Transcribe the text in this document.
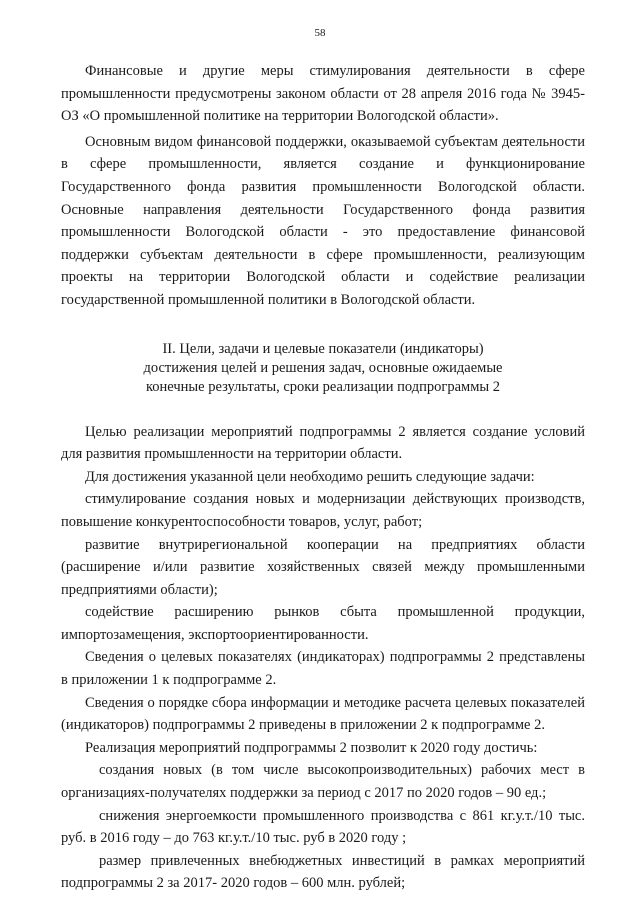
58

Финансовые и другие меры стимулирования деятельности в сфере промышленности предусмотрены законом области от 28 апреля 2016 года № 3945-ОЗ «О промышленной политике на территории Вологодской области».

Основным видом финансовой поддержки, оказываемой субъектам деятельности в сфере промышленности, является создание и функционирование Государственного фонда развития промышленности Вологодской области. Основные направления деятельности Государственного фонда развития промышленности Вологодской области - это предоставление финансовой поддержки субъектам деятельности в сфере промышленности, реализующим проекты на территории Вологодской области и содействие реализации государственной промышленной политики в Вологодской области.

II. Цели, задачи и целевые показатели (индикаторы)
достижения целей и решения задач, основные ожидаемые
конечные результаты, сроки реализации подпрограммы 2

Целью реализации мероприятий подпрограммы 2 является создание условий для развития промышленности на территории области.

Для достижения указанной цели необходимо решить следующие задачи:

стимулирование создания новых и модернизации действующих производств, повышение конкурентоспособности товаров, услуг, работ;

развитие внутрирегиональной кооперации на предприятиях области (расширение и/или развитие хозяйственных связей между промышленными предприятиями области);

содействие расширению рынков сбыта промышленной продукции, импортозамещения, экспортоориентированности.

Сведения о целевых показателях (индикаторах) подпрограммы 2 представлены в приложении 1 к подпрограмме 2.

Сведения о порядке сбора информации и методике расчета целевых показателей (индикаторов) подпрограммы 2 приведены в приложении 2 к подпрограмме 2.

Реализация мероприятий подпрограммы 2 позволит к 2020 году достичь:

создания новых (в том числе высокопроизводительных) рабочих мест в организациях-получателях поддержки за период с 2017 по 2020 годов – 90 ед.;

снижения энергоемкости промышленного производства с 861 кг.у.т./10 тыс. руб. в 2016 году – до 763 кг.у.т./10 тыс. руб в 2020 году ;

размер привлеченных внебюджетных инвестиций в рамках мероприятий подпрограммы 2 за 2017- 2020 годов – 600 млн. рублей;
